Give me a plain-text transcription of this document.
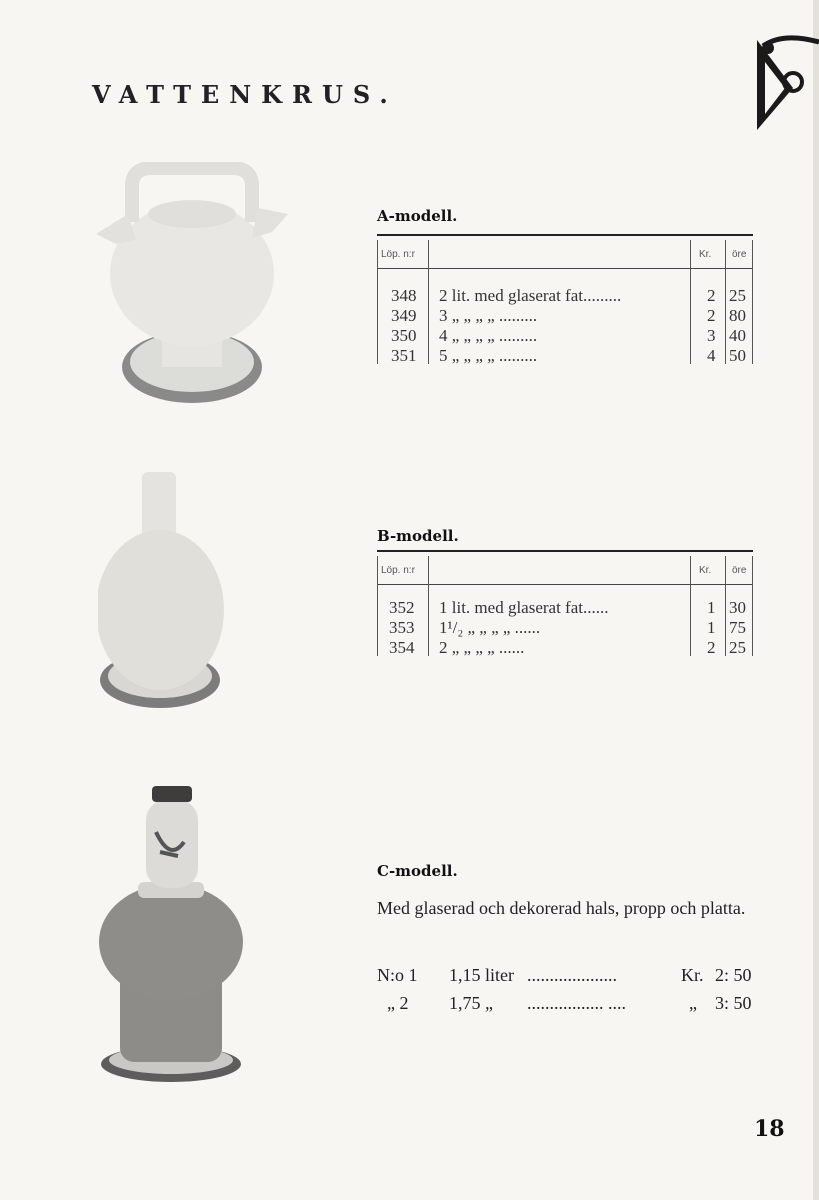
VATTENKRUS.
A-modell.
Löp. n:r	Kr. öre
348 2 lit. med glaserat fat.........	2 25
349 3 „ „ „ „ .........	2 80
350 4 „ „ „ „ .........	3 40
351 5 „ „ „ „ .........	4 50
B-modell.
Löp. n:r	Kr. öre
352 1 lit. med glaserat fat......	1 30
353 1¹/₂ „ „ „ „ ......	1 75
354 2 „ „ „ „ ......	2 25
C-modell.
Med glaserad och dekorerad hals, propp och platta.
N:o 1 1,15 liter ....................	Kr. 2: 50
„ 2 1,75 „ ................. ....	„ 3: 50
18
